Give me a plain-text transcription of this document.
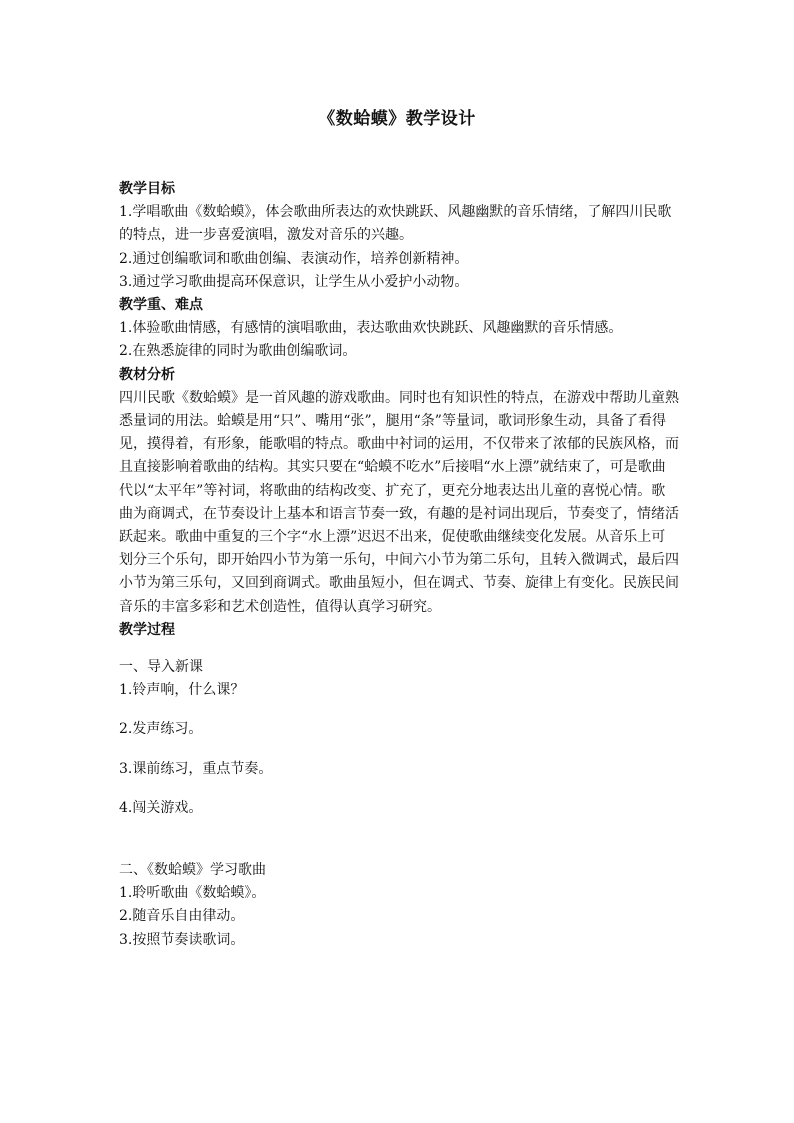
《数蛤蟆》教学设计

教学目标

1.学唱歌曲《数蛤蟆》，体会歌曲所表达的欢快跳跃、风趣幽默的音乐情绪，了解四川民歌的特点，进一步喜爱演唱，激发对音乐的兴趣。

2.通过创编歌词和歌曲创编、表演动作，培养创新精神。

3.通过学习歌曲提高环保意识，让学生从小爱护小动物。

教学重、难点

1.体验歌曲情感，有感情的演唱歌曲，表达歌曲欢快跳跃、风趣幽默的音乐情感。

2.在熟悉旋律的同时为歌曲创编歌词。

教材分析

四川民歌《数蛤蟆》是一首风趣的游戏歌曲。同时也有知识性的特点，在游戏中帮助儿童熟悉量词的用法。蛤蟆是用“只”、嘴用“张”，腿用“条”等量词，歌词形象生动，具备了看得见，摸得着，有形象，能歌唱的特点。歌曲中衬词的运用，不仅带来了浓郁的民族风格，而且直接影响着歌曲的结构。其实只要在“蛤蟆不吃水”后接唱“水上漂”就结束了，可是歌曲代以“太平年”等衬词，将歌曲的结构改变、扩充了，更充分地表达出儿童的喜悦心情。歌曲为商调式，在节奏设计上基本和语言节奏一致，有趣的是衬词出现后，节奏变了，情绪活跃起来。歌曲中重复的三个字“水上漂”迟迟不出来，促使歌曲继续变化发展。从音乐上可划分三个乐句，即开始四小节为第一乐句，中间六小节为第二乐句，且转入微调式，最后四小节为第三乐句，又回到商调式。歌曲虽短小，但在调式、节奏、旋律上有变化。民族民间音乐的丰富多彩和艺术创造性，值得认真学习研究。

教学过程

一、导入新课

1.铃声响，什么课？

2.发声练习。

3.课前练习，重点节奏。

4.闯关游戏。

二、《数蛤蟆》学习歌曲

1.聆听歌曲《数蛤蟆》。

2.随音乐自由律动。

3.按照节奏读歌词。
